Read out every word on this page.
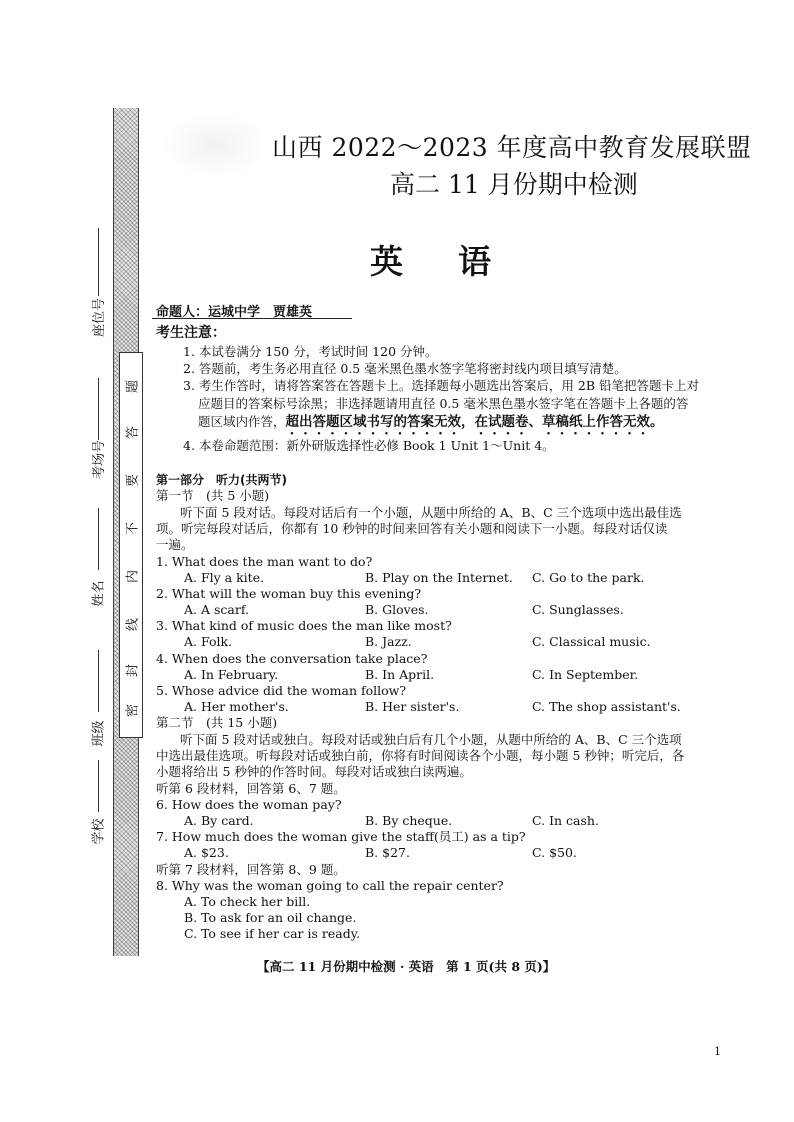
题
答
要
不
内
线
封
密
座位号
考场号
姓名
班级
学校
山西 2022～2023 年度高中教育发展联盟
高二 11 月份期中检测
英语
命题人：运城中学　贾雄英
考生注意：
1. 本试卷满分 150 分，考试时间 120 分钟。
2. 答题前，考生务必用直径 0.5 毫米黑色墨水签字笔将密封线内项目填写清楚。
3. 考生作答时，请将答案答在答题卡上。选择题每小题选出答案后，用 2B 铅笔把答题卡上对
应题目的答案标号涂黑；非选择题请用直径 0.5 毫米黑色墨水签字笔在答题卡上各题的答
题区域内作答，超出答题区域书写的答案无效，在试题卷、草稿纸上作答无效。
4. 本卷命题范围：新外研版选择性必修 Book 1 Unit 1～Unit 4。
第一部分　听力(共两节)
第一节　(共 5 小题)
听下面 5 段对话。每段对话后有一个小题，从题中所给的 A、B、C 三个选项中选出最佳选
项。听完每段对话后，你都有 10 秒钟的时间来回答有关小题和阅读下一小题。每段对话仅读
一遍。
1. What does the man want to do?
A. Fly a kite.	B. Play on the Internet. C. Go to the park.
2. What will the woman buy this evening?
A. A scarf.	B. Gloves.	C. Sunglasses.
3. What kind of music does the man like most?
A. Folk.	B. Jazz.	C. Classical music.
4. When does the conversation take place?
A. In February.	B. In April.	C. In September.
5. Whose advice did the woman follow?
A. Her mother's.	B. Her sister's.	C. The shop assistant's.
第二节　(共 15 小题)
听下面 5 段对话或独白。每段对话或独白后有几个小题，从题中所给的 A、B、C 三个选项
中选出最佳选项。听每段对话或独白前，你将有时间阅读各个小题，每小题 5 秒钟；听完后，各
小题将给出 5 秒钟的作答时间。每段对话或独白读两遍。
听第 6 段材料，回答第 6、7 题。
6. How does the woman pay?
A. By card.	B. By cheque.	C. In cash.
7. How much does the woman give the staff(员工) as a tip?
A. $23.	B. $27.	C. $50.
听第 7 段材料，回答第 8、9 题。
8. Why was the woman going to call the repair center?
A. To check her bill.
B. To ask for an oil change.
C. To see if her car is ready.
【高二 11 月份期中检测 · 英语　第 1 页(共 8 页)】
1
